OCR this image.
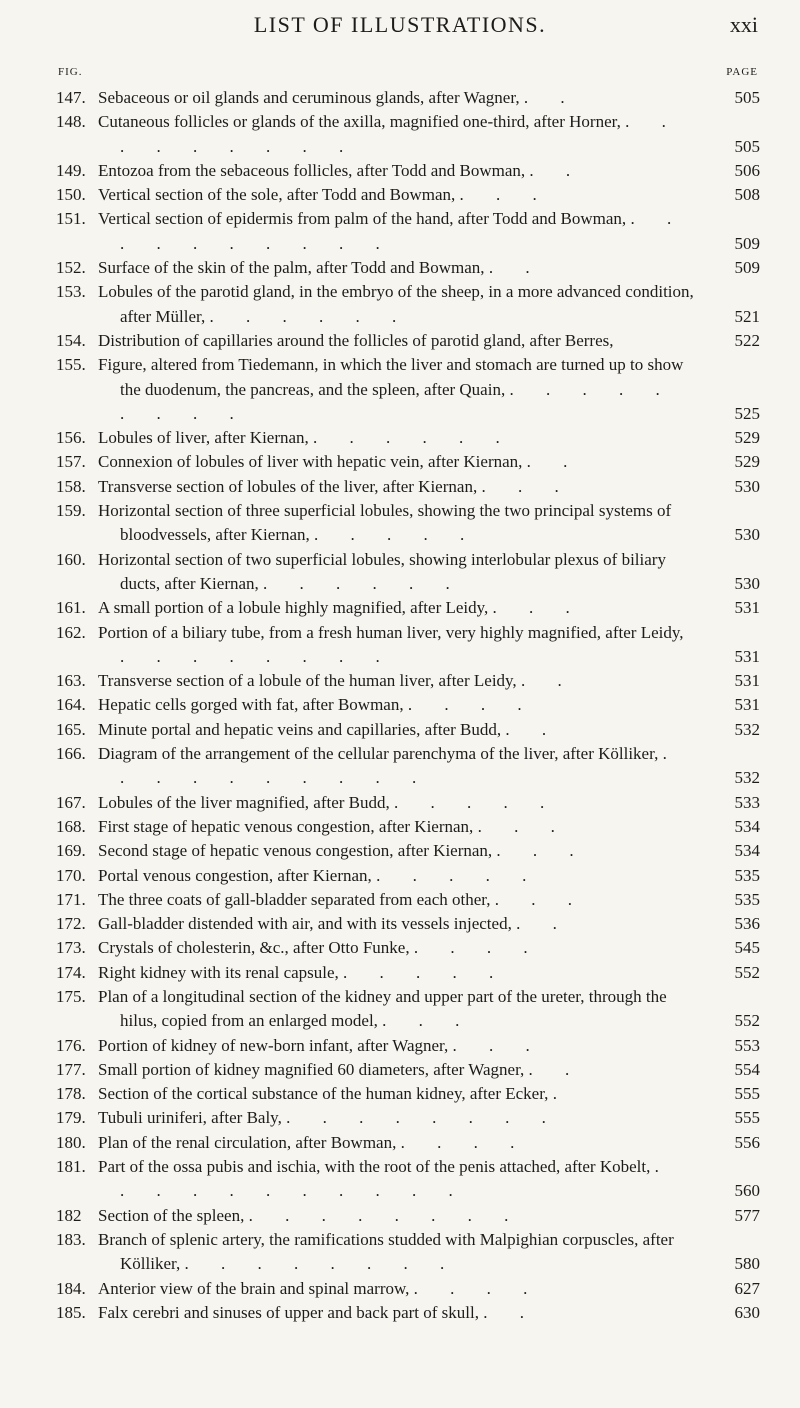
LIST OF ILLUSTRATIONS.	xxi
FIG.	PAGE
147. Sebaceous or oil glands and ceruminous glands, after Wagner, . .	505
148. Cutaneous follicles or glands of the axilla, magnified one-third, after Horner, . . . . . . . . .	505
149. Entozoa from the sebaceous follicles, after Todd and Bowman, . .	506
150. Vertical section of the sole, after Todd and Bowman, . . .	508
151. Vertical section of epidermis from palm of the hand, after Todd and Bowman, . . . . . . . . . .	509
152. Surface of the skin of the palm, after Todd and Bowman, . .	509
153. Lobules of the parotid gland, in the embryo of the sheep, in a more advanced condition, after Müller, . . . . . .	521
154. Distribution of capillaries around the follicles of parotid gland, after Berres,	522
155. Figure, altered from Tiedemann, in which the liver and stomach are turned up to show the duodenum, the pancreas, and the spleen, after Quain, . . . . . . . . .	525
156. Lobules of liver, after Kiernan, . . . . . .	529
157. Connexion of lobules of liver with hepatic vein, after Kiernan, . .	529
158. Transverse section of lobules of the liver, after Kiernan, . . .	530
159. Horizontal section of three superficial lobules, showing the two principal systems of bloodvessels, after Kiernan, . . . . .	530
160. Horizontal section of two superficial lobules, showing interlobular plexus of biliary ducts, after Kiernan, . . . . . .	530
161. A small portion of a lobule highly magnified, after Leidy, . . .	531
162. Portion of a biliary tube, from a fresh human liver, very highly magnified, after Leidy, . . . . . . . .	531
163. Transverse section of a lobule of the human liver, after Leidy, . .	531
164. Hepatic cells gorged with fat, after Bowman, . . . .	531
165. Minute portal and hepatic veins and capillaries, after Budd, . .	532
166. Diagram of the arrangement of the cellular parenchyma of the liver, after Kölliker, . . . . . . . . . .	532
167. Lobules of the liver magnified, after Budd, . . . . .	533
168. First stage of hepatic venous congestion, after Kiernan, . . .	534
169. Second stage of hepatic venous congestion, after Kiernan, . . .	534
170. Portal venous congestion, after Kiernan, . . . . .	535
171. The three coats of gall-bladder separated from each other, . . .	535
172. Gall-bladder distended with air, and with its vessels injected, . .	536
173. Crystals of cholesterin, &c., after Otto Funke, . . . .	545
174. Right kidney with its renal capsule, . . . . .	552
175. Plan of a longitudinal section of the kidney and upper part of the ureter, through the hilus, copied from an enlarged model, . . .	552
176. Portion of kidney of new-born infant, after Wagner, . . .	553
177. Small portion of kidney magnified 60 diameters, after Wagner, . .	554
178. Section of the cortical substance of the human kidney, after Ecker, .	555
179. Tubuli uriniferi, after Baly, . . . . . . . .	555
180. Plan of the renal circulation, after Bowman, . . . .	556
181. Part of the ossa pubis and ischia, with the root of the penis attached, after Kobelt, . . . . . . . . . . .	560
182 Section of the spleen, . . . . . . . .	577
183. Branch of splenic artery, the ramifications studded with Malpighian corpuscles, after Kölliker, . . . . . . . .	580
184. Anterior view of the brain and spinal marrow, . . . .	627
185. Falx cerebri and sinuses of upper and back part of skull, . .	630
